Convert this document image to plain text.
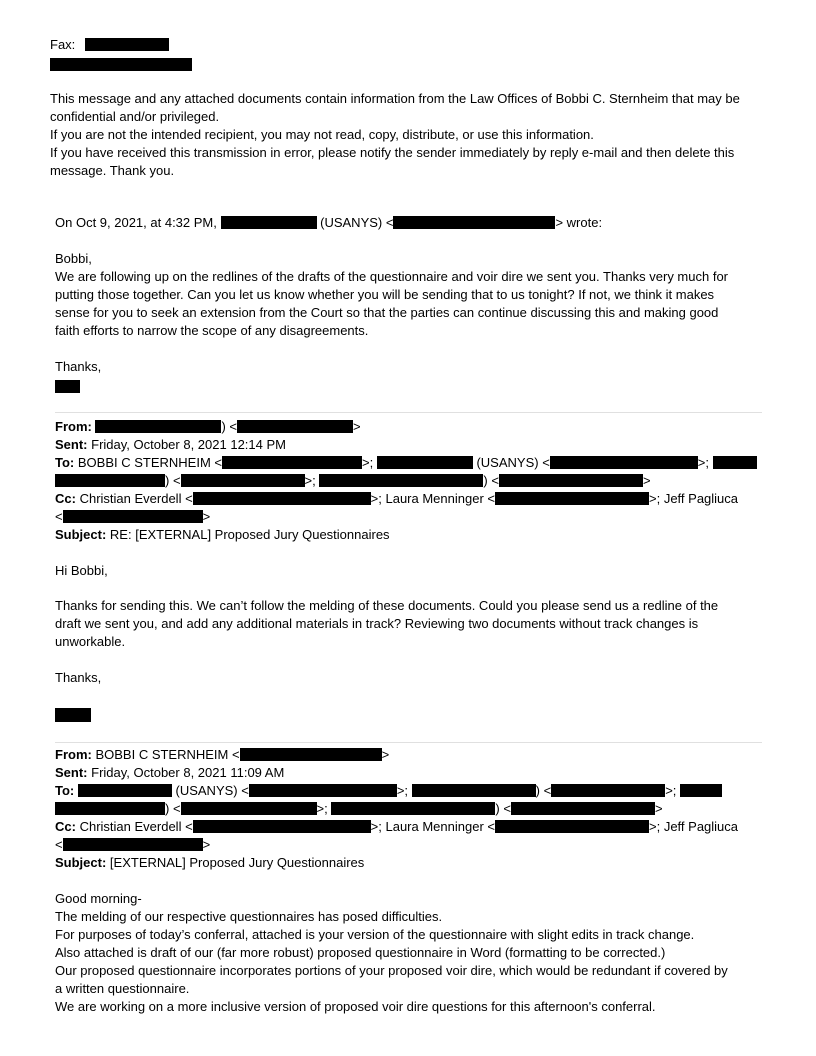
Fax:
This message and any attached documents contain information from the Law Offices of Bobbi C. Sternheim that may be
confidential and/or privileged.
If you are not the intended recipient, you may not read, copy, distribute, or use this information.
If you have received this transmission in error, please notify the sender immediately by reply e-mail and then delete this
message. Thank you.
On Oct 9, 2021, at 4:32 PM,	(USANYS) <	> wrote:
Bobbi,
We are following up on the redlines of the drafts of the questionnaire and voir dire we sent you. Thanks very much for
putting those together. Can you let us know whether you will be sending that to us tonight? If not, we think it makes
sense for you to seek an extension from the Court so that the parties can continue discussing this and making good
faith efforts to narrow the scope of any disagreements.
Thanks,
From:	) <	>
Sent: Friday, October 8, 2021 12:14 PM
To: BOBBI C STERNHEIM <	>;	(USANYS) <	>;
) <	>;	) <	>
Cc: Christian Everdell <	>; Laura Menninger <	>; Jeff Pagliuca
<	>
Subject: RE: [EXTERNAL] Proposed Jury Questionnaires
Hi Bobbi,
Thanks for sending this. We can’t follow the melding of these documents. Could you please send us a redline of the
draft we sent you, and add any additional materials in track? Reviewing two documents without track changes is
unworkable.
Thanks,
From: BOBBI C STERNHEIM <	>
Sent: Friday, October 8, 2021 11:09 AM
To:	(USANYS) <	>;	) <	>;
) <	>;	) <	>
Cc: Christian Everdell <	>; Laura Menninger <	>; Jeff Pagliuca
<	>
Subject: [EXTERNAL] Proposed Jury Questionnaires
Good morning-
The melding of our respective questionnaires has posed difficulties.
For purposes of today’s conferral, attached is your version of the questionnaire with slight edits in track change.
Also attached is draft of our (far more robust) proposed questionnaire in Word (formatting to be corrected.)
Our proposed questionnaire incorporates portions of your proposed voir dire, which would be redundant if covered by
a written questionnaire.
We are working on a more inclusive version of proposed voir dire questions for this afternoon's conferral.
